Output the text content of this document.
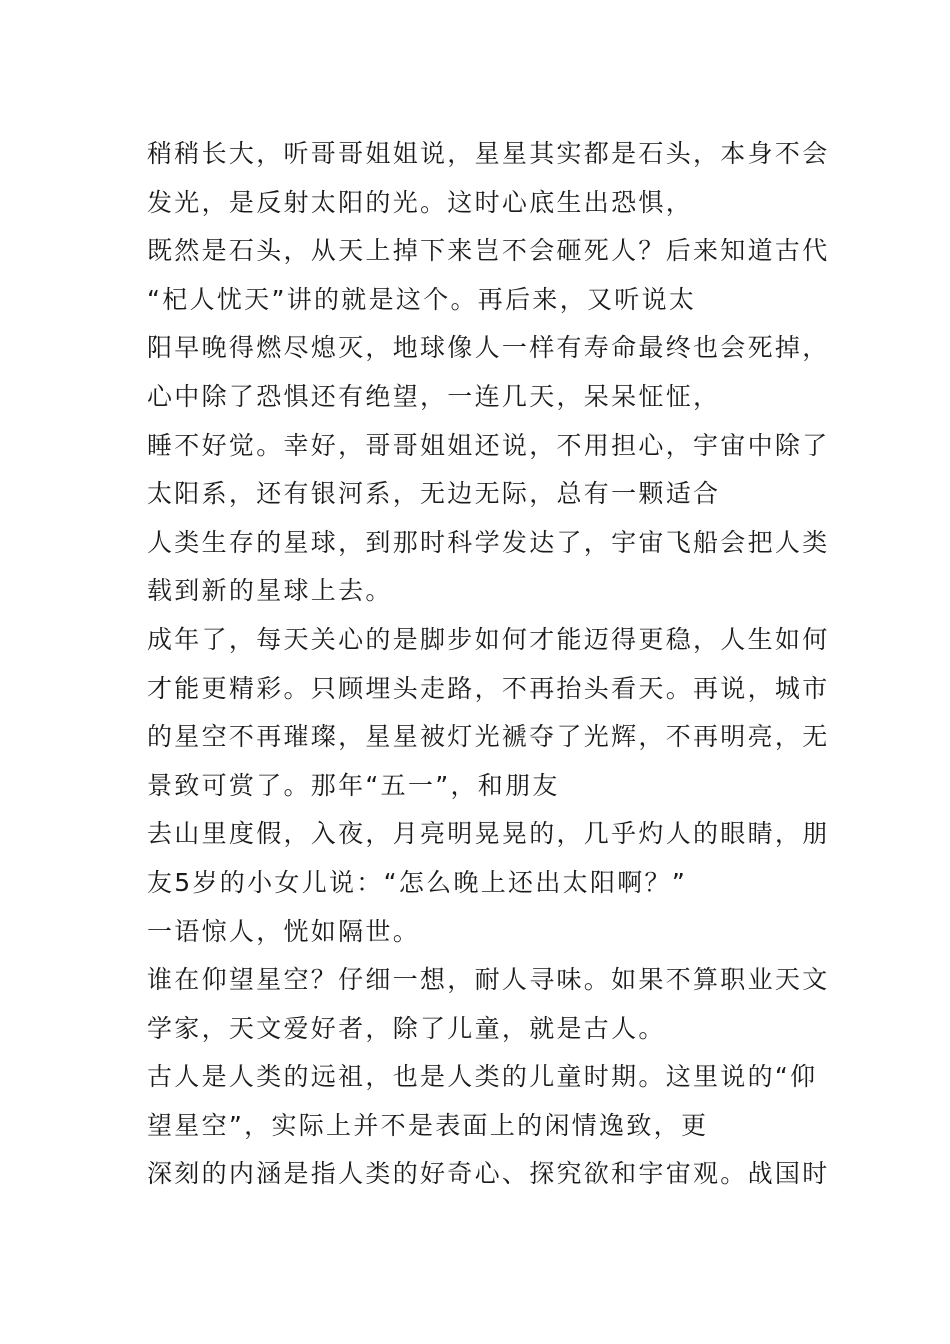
稍稍长大，听哥哥姐姐说，星星其实都是石头，本身不会
发光，是反射太阳的光。这时心底生出恐惧，
既然是石头，从天上掉下来岂不会砸死人？后来知道古代
“杞人忧天”讲的就是这个。再后来，又听说太
阳早晚得燃尽熄灭，地球像人一样有寿命最终也会死掉，
心中除了恐惧还有绝望，一连几天，呆呆怔怔，
睡不好觉。幸好，哥哥姐姐还说，不用担心，宇宙中除了
太阳系，还有银河系，无边无际，总有一颗适合
人类生存的星球，到那时科学发达了，宇宙飞船会把人类
载到新的星球上去。
成年了，每天关心的是脚步如何才能迈得更稳，人生如何
才能更精彩。只顾埋头走路，不再抬头看天。再说，城市
的星空不再璀璨，星星被灯光褫夺了光辉，不再明亮，无
景致可赏了。那年“五一”，和朋友
去山里度假，入夜，月亮明晃晃的，几乎灼人的眼睛，朋
友5岁的小女儿说：“怎么晚上还出太阳啊？”
一语惊人，恍如隔世。
谁在仰望星空？仔细一想，耐人寻味。如果不算职业天文
学家，天文爱好者，除了儿童，就是古人。
古人是人类的远祖，也是人类的儿童时期。这里说的“仰
望星空”，实际上并不是表面上的闲情逸致，更
深刻的内涵是指人类的好奇心、探究欲和宇宙观。战国时
